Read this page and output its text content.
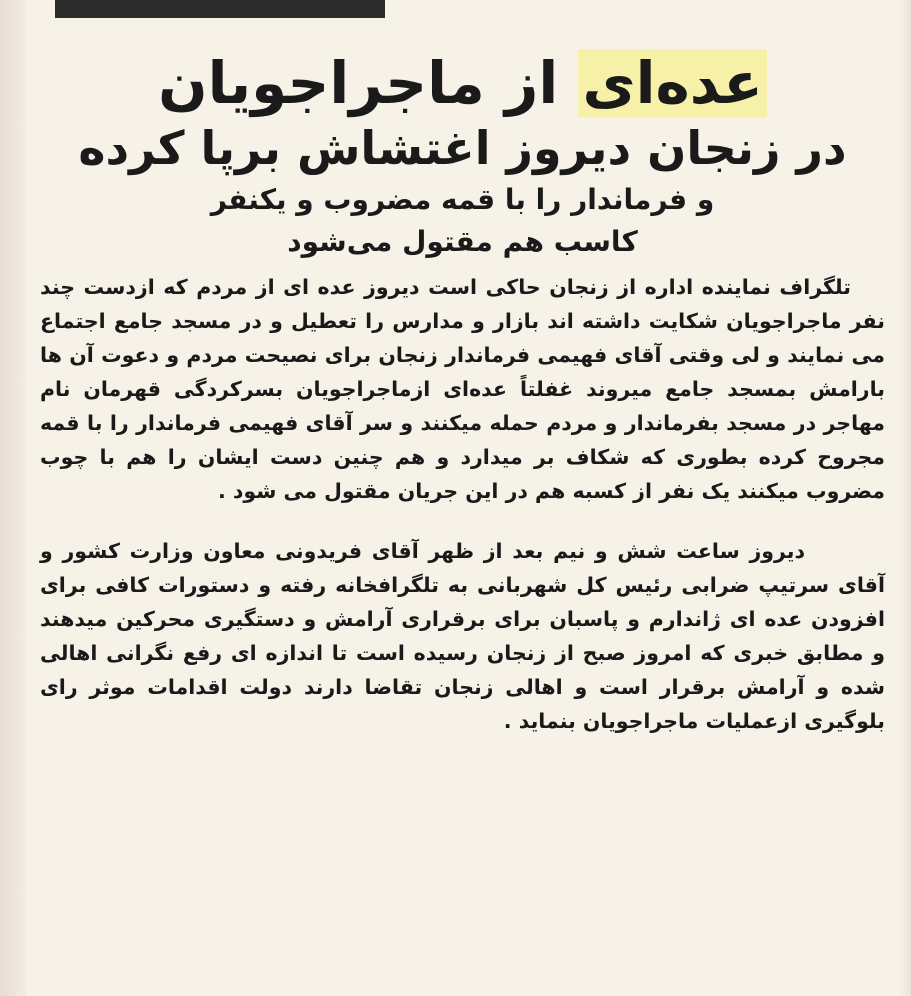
عده‌ای از ماجراجویان
در زنجان دیروز اغتشاش برپا کرده
و فرماندار را با قمه مضروب و یکنفر
کاسب هم مقتول می‌شود

تلگراف نماینده اداره از زنجان حاکی است دیروز عده ای از مردم که ازدست چند نفر ماجراجویان شکایت داشته اند بازار و مدارس را تعطیل و در مسجد جامع اجتماع می نمایند و لی وقتی آقای فهیمی فرماندار زنجان برای نصیحت مردم و دعوت آن ها بارامش بمسجد جامع میروند غفلتاً عده‌ای ازماجراجویان بسرکردگی قهرمان نام مهاجر در مسجد بفرماندار و مردم حمله میکنند و سر آقای فهیمی فرماندار را با قمه مجروح کرده بطوری که شکاف بر میدارد و هم چنین دست ایشان را هم با چوب مضروب میکنند یک نفر از کسبه هم در این جریان مقتول می شود .

دیروز ساعت شش و نیم بعد از ظهر آقای فریدونی معاون وزارت کشور و آقای سرتیپ ضرابی رئیس کل شهربانی به تلگرافخانه رفته و دستورات کافی برای افزودن عده ای ژاندارم و پاسبان برای برقراری آرامش و دستگیری محرکین میدهند و مطابق خبری که امروز صبح از زنجان رسیده است تا اندازه ای رفع نگرانی اهالی شده و آرامش برقرار است و اهالی زنجان تقاضا دارند دولت اقدامات موثر رای بلوگیری ازعملیات ماجراجویان بنماید .
